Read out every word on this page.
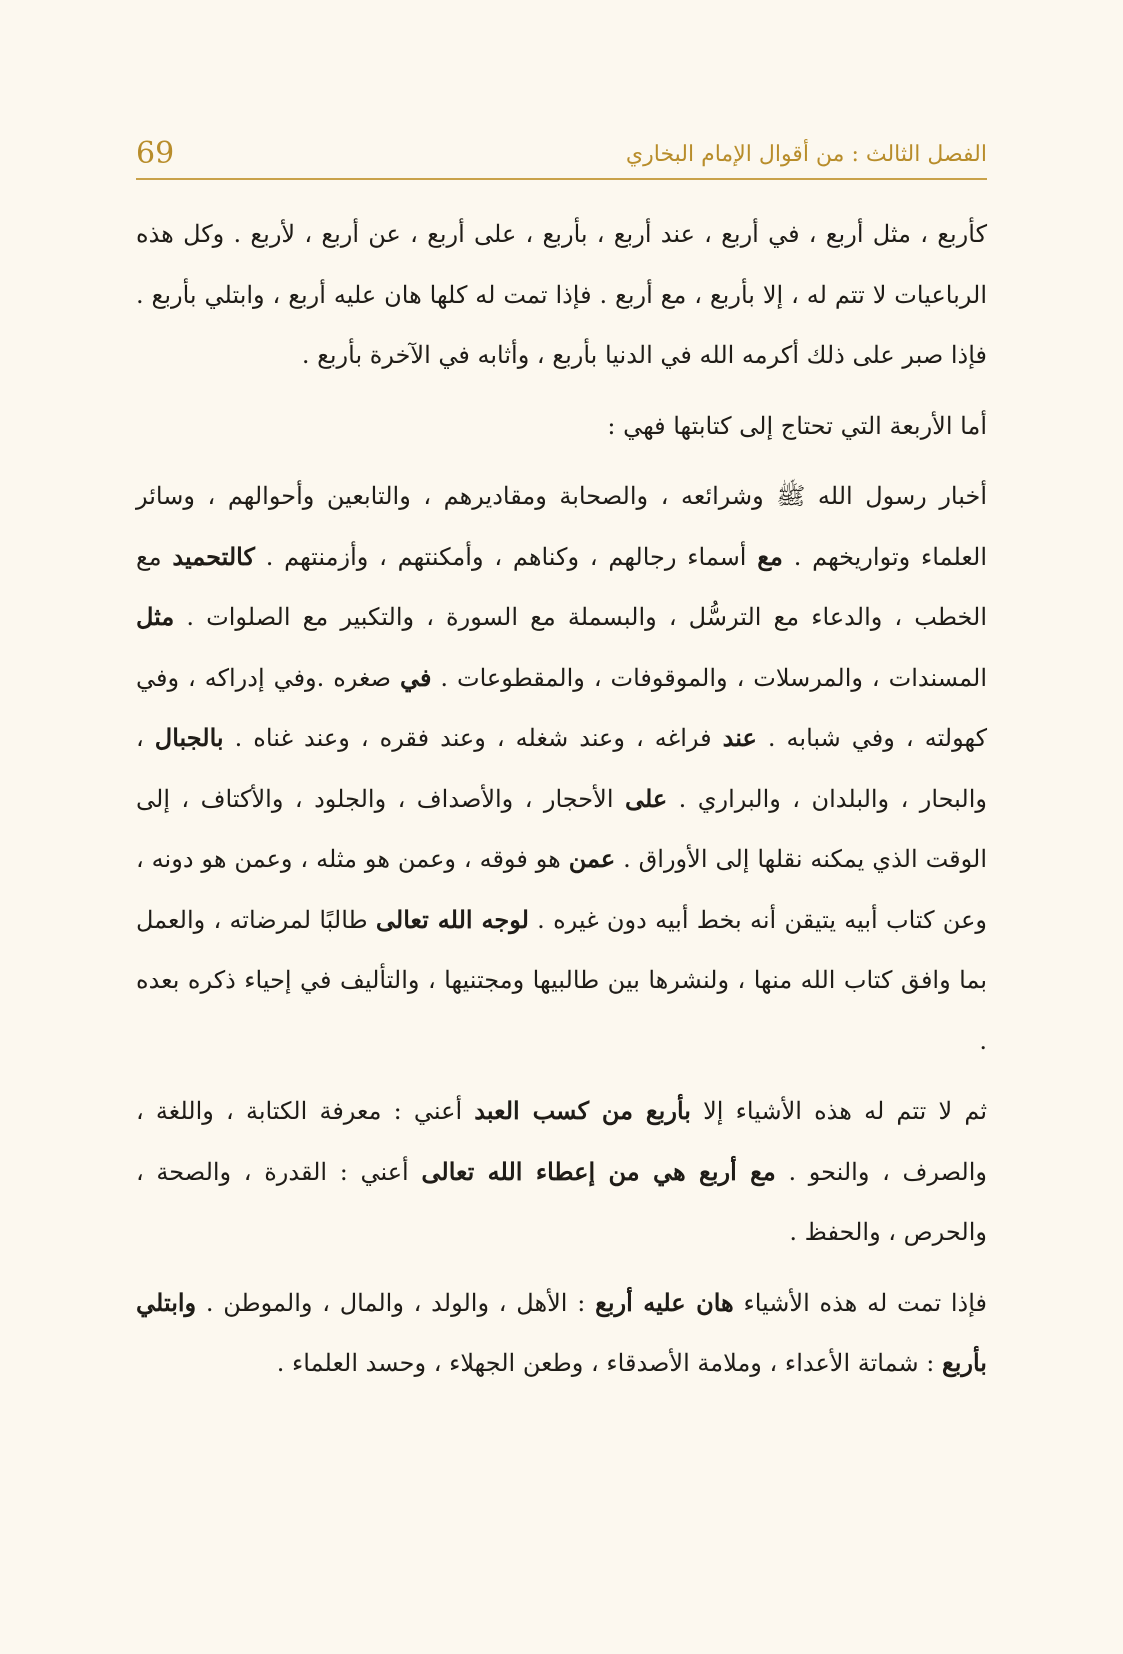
الفصل الثالث : من أقوال الإمام البخاري
69

كأربع ، مثل أربع ، في أربع ، عند أربع ، بأربع ، على أربع ، عن أربع ، لأربع . وكل هذه الرباعيات لا تتم له ، إلا بأربع ، مع أربع . فإذا تمت له كلها هان عليه أربع ، وابتلي بأربع . فإذا صبر على ذلك أكرمه الله في الدنيا بأربع ، وأثابه في الآخرة بأربع .

أما الأربعة التي تحتاج إلى كتابتها فهي :

أخبار رسول الله ﷺ وشرائعه ، والصحابة ومقاديرهم ، والتابعين وأحوالهم ، وسائر العلماء وتواريخهم . مع أسماء رجالهم ، وكناهم ، وأمكنتهم ، وأزمنتهم . كالتحميد مع الخطب ، والدعاء مع الترسُّل ، والبسملة مع السورة ، والتكبير مع الصلوات . مثل المسندات ، والمرسلات ، والموقوفات ، والمقطوعات . في صغره .وفي إدراكه ، وفي كهولته ، وفي شبابه . عند فراغه ، وعند شغله ، وعند فقره ، وعند غناه . بالجبال ، والبحار ، والبلدان ، والبراري . على الأحجار ، والأصداف ، والجلود ، والأكتاف ، إلى الوقت الذي يمكنه نقلها إلى الأوراق . عمن هو فوقه ، وعمن هو مثله ، وعمن هو دونه ، وعن كتاب أبيه يتيقن أنه بخط أبيه دون غيره . لوجه الله تعالى طالبًا لمرضاته ، والعمل بما وافق كتاب الله منها ، ولنشرها بين طالبيها ومجتنيها ، والتأليف في إحياء ذكره بعده .

ثم لا تتم له هذه الأشياء إلا بأربع من كسب العبد أعني : معرفة الكتابة ، واللغة ، والصرف ، والنحو . مع أربع هي من إعطاء الله تعالى أعني : القدرة ، والصحة ، والحرص ، والحفظ .

فإذا تمت له هذه الأشياء هان عليه أربع : الأهل ، والولد ، والمال ، والموطن . وابتلي بأربع : شماتة الأعداء ، وملامة الأصدقاء ، وطعن الجهلاء ، وحسد العلماء .
